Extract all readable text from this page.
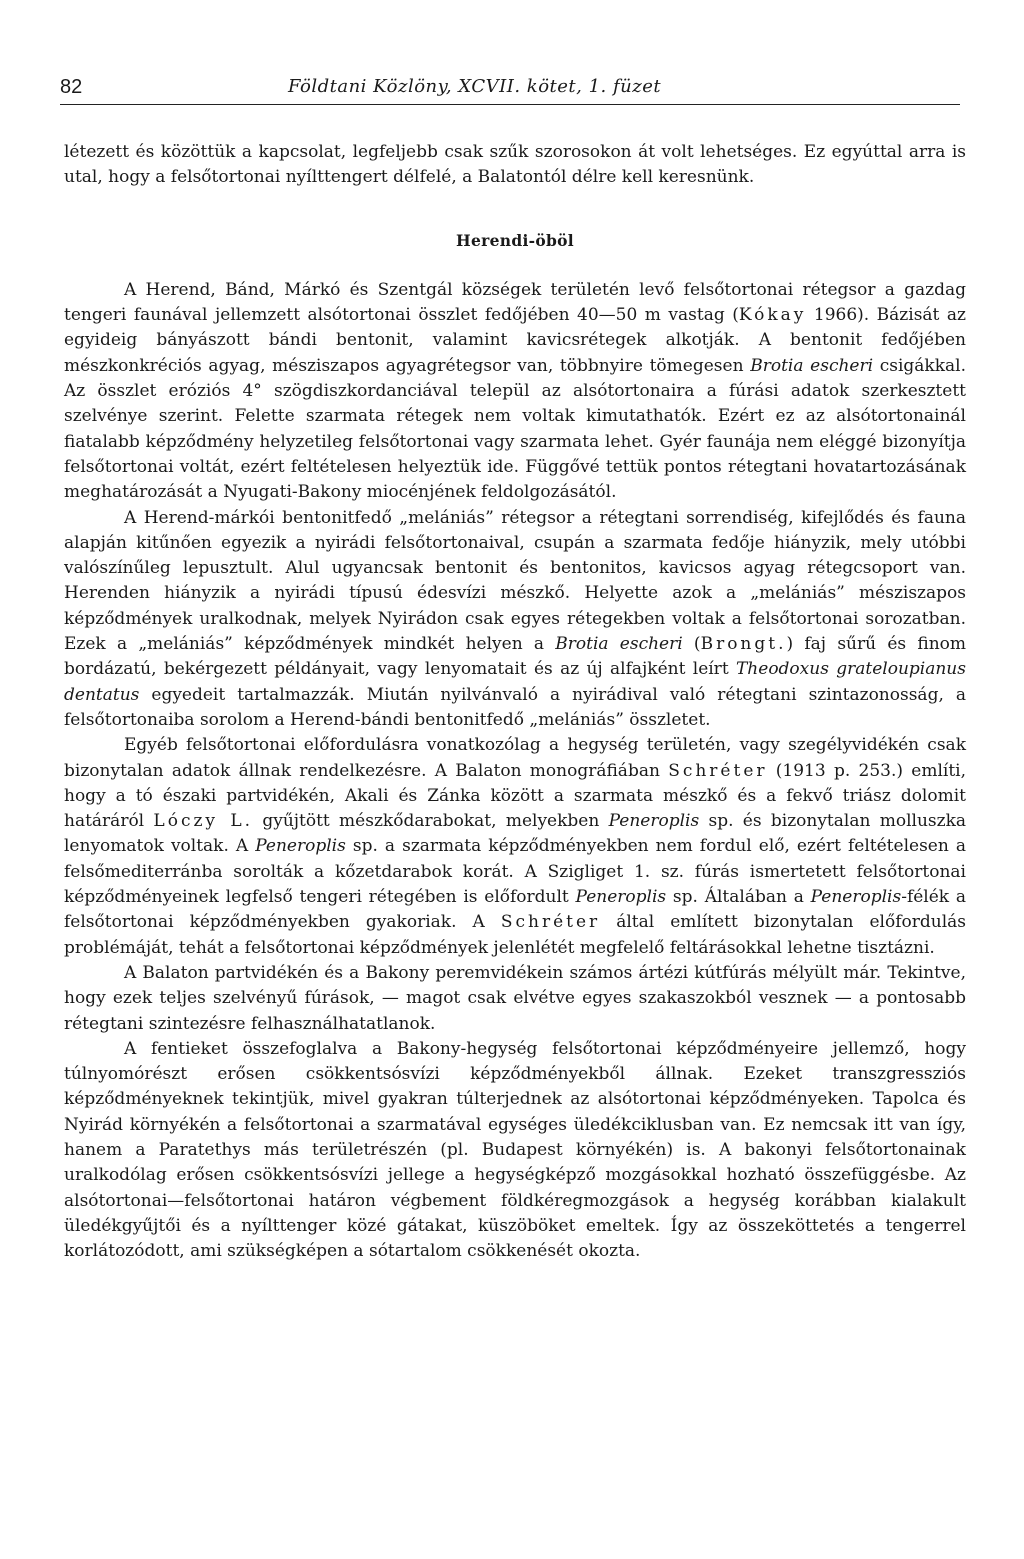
82	Földtani Közlöny, XCVII. kötet, 1. füzet

létezett és közöttük a kapcsolat, legfeljebb csak szűk szorosokon át volt lehetséges. Ez egyúttal arra is utal, hogy a felsőtortonai nyílttengert délfelé, a Balatontól délre kell keresnünk.

Herendi-öböl

A Herend, Bánd, Márkó és Szentgál községek területén levő felsőtortonai rétegsor a gazdag tengeri faunával jellemzett alsótortonai összlet fedőjében 40—50 m vastag (Kókay 1966). Bázisát az egyideig bányászott bándi bentonit, valamint kavicsrétegek alkotják. A bentonit fedőjében mészkonkréciós agyag, mésziszapos agyagrétegsor van, többnyire tömegesen Brotia escheri csigákkal. Az összlet eróziós 4° szögdiszkordanciával települ az alsótortonaira a fúrási adatok szerkesztett szelvénye szerint. Felette szarmata rétegek nem voltak kimutathatók. Ezért ez az alsótortonainál fiatalabb képződmény helyzetileg felsőtortonai vagy szarmata lehet. Gyér faunája nem eléggé bizonyítja felsőtortonai voltát, ezért feltételesen helyeztük ide. Függővé tettük pontos rétegtani hovatartozásának meghatározását a Nyugati-Bakony miocénjének feldolgozásától.

A Herend-márkói bentonitfedő „melániás” rétegsor a rétegtani sorrendiség, kifejlődés és fauna alapján kitűnően egyezik a nyirádi felsőtortonaival, csupán a szarmata fedője hiányzik, mely utóbbi valószínűleg lepusztult. Alul ugyancsak bentonit és bentonitos, kavicsos agyag rétegcsoport van. Herenden hiányzik a nyirádi típusú édesvízi mészkő. Helyette azok a „melániás” mésziszapos képződmények uralkodnak, melyek Nyirádon csak egyes rétegekben voltak a felsőtortonai sorozatban. Ezek a „melániás” képződmények mindkét helyen a Brotia escheri (Brongt.) faj sűrű és finom bordázatú, bekérgezett példányait, vagy lenyomatait és az új alfajként leírt Theodoxus grateloupianus dentatus egyedeit tartalmazzák. Miután nyilvánvaló a nyirádival való rétegtani szintazonosság, a felsőtortonaiba sorolom a Herend-bándi bentonitfedő „melániás” összletet.

Egyéb felsőtortonai előfordulásra vonatkozólag a hegység területén, vagy szegélyvidékén csak bizonytalan adatok állnak rendelkezésre. A Balaton monográfiában Schréter (1913 p. 253.) említi, hogy a tó északi partvidékén, Akali és Zánka között a szarmata mészkő és a fekvő triász dolomit határáról Lóczy L. gyűjtött mészkődarabokat, melyekben Peneroplis sp. és bizonytalan molluszka lenyomatok voltak. A Peneroplis sp. a szarmata képződményekben nem fordul elő, ezért feltételesen a felsőmediterránba sorolták a kőzetdarabok korát. A Szigliget 1. sz. fúrás ismertetett felsőtortonai képződményeinek legfelső tengeri rétegében is előfordult Peneroplis sp. Általában a Peneroplis-félék a felsőtortonai képződményekben gyakoriak. A Schréter által említett bizonytalan előfordulás problémáját, tehát a felsőtortonai képződmények jelenlétét megfelelő feltárásokkal lehetne tisztázni.

A Balaton partvidékén és a Bakony peremvidékein számos ártézi kútfúrás mélyült már. Tekintve, hogy ezek teljes szelvényű fúrások, — magot csak elvétve egyes szakaszokból vesznek — a pontosabb rétegtani szintezésre felhasználhatatlanok.

A fentieket összefoglalva a Bakony-hegység felsőtortonai képződményeire jellemző, hogy túlnyomórészt erősen csökkentsósvízi képződményekből állnak. Ezeket transzgressziós képződményeknek tekintjük, mivel gyakran túlterjednek az alsótortonai képződményeken. Tapolca és Nyirád környékén a felsőtortonai a szarmatával egységes üledékciklusban van. Ez nemcsak itt van így, hanem a Paratethys más területrészén (pl. Budapest környékén) is. A bakonyi felsőtortonainak uralkodólag erősen csökkentsósvízi jellege a hegységképző mozgásokkal hozható összefüggésbe. Az alsótortonai—felsőtortonai határon végbement földkéregmozgások a hegység korábban kialakult üledékgyűjtői és a nyílttenger közé gátakat, küszöböket emeltek. Így az összeköttetés a tengerrel korlátozódott, ami szükségképen a sótartalom csökkenését okozta.
